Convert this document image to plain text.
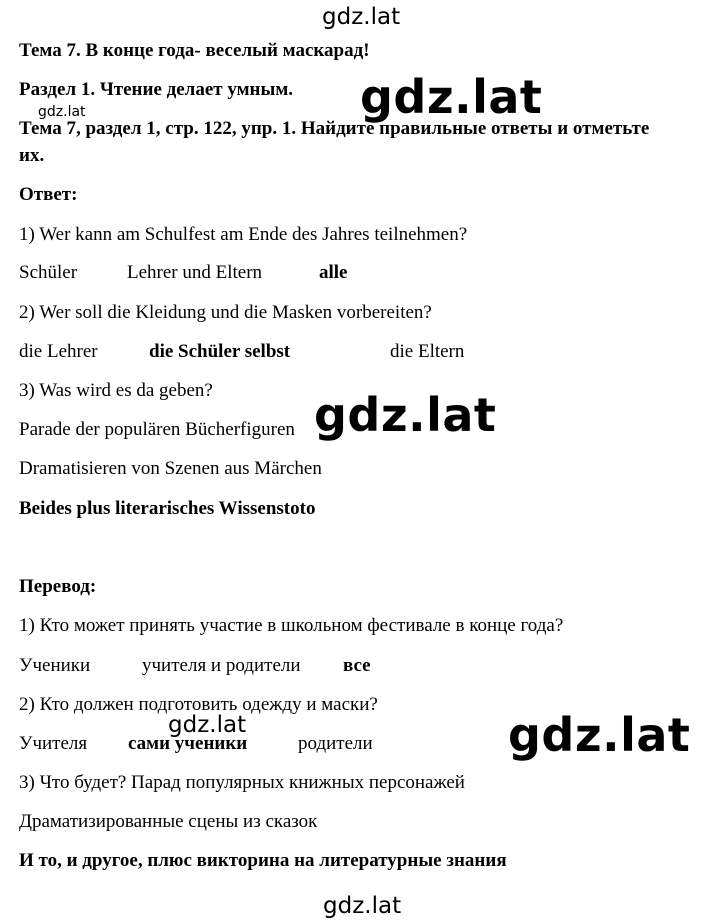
gdz.lat
gdz.lat	gdz.lat
gdz.lat
gdz.lat	gdz.lat
gdz.lat
Тема 7. В конце года- веселый маскарад!
Раздел 1. Чтение делает умным.
Тема 7, раздел 1, стр. 122, упр. 1. Найдите правильные ответы и отметьте
их.
Ответ:
1) Wer kann am Schulfest am Ende des Jahres teilnehmen?
Schüler	Lehrer und Eltern	alle
2) Wer soll die Kleidung und die Masken vorbereiten?
die Lehrer	die Schüler selbst	die Eltern
3) Was wird es da geben?
Parade der populären Bücherfiguren
Dramatisieren von Szenen aus Märchen
Beides plus literarisches Wissenstoto
Перевод:
1) Кто может принять участие в школьном фестивале в конце года?
Ученики	учителя и родители все
2) Кто должен подготовить одежду и маски?
Учителя сами ученики	родители
3) Что будет? Парад популярных книжных персонажей
Драматизированные сцены из сказок
И то, и другое, плюс викторина на литературные знания
